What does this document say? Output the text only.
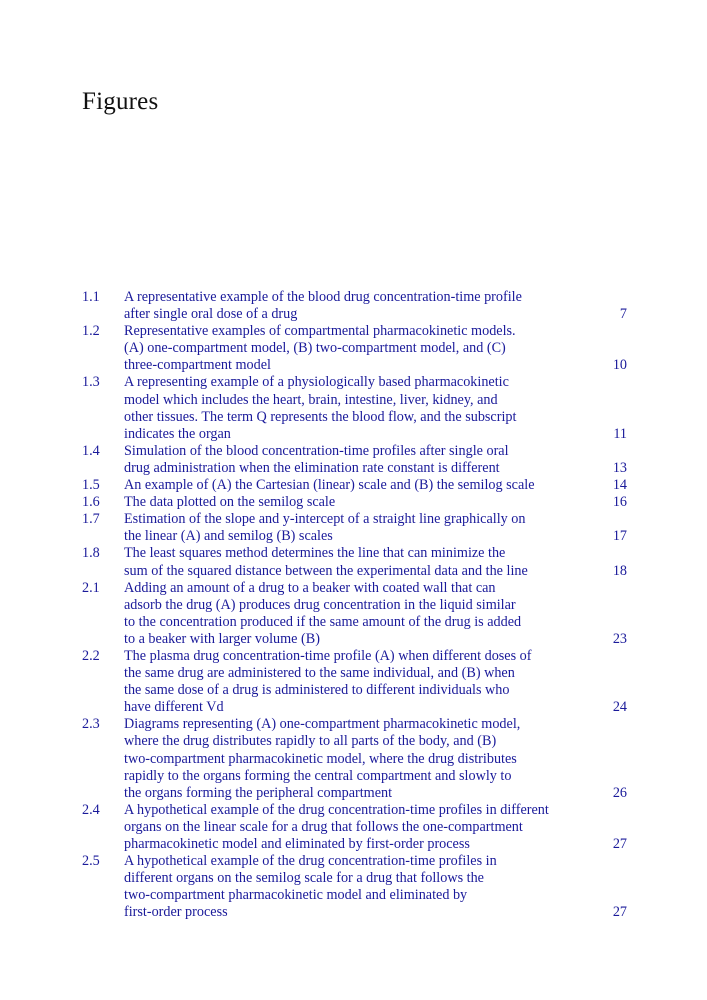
Figures
1.1	A representative example of the blood drug concentration-time profile
after single oral dose of a drug	7
1.2	Representative examples of compartmental pharmacokinetic models.
(A) one-compartment model, (B) two-compartment model, and (C)
three-compartment model	10
1.3	A representing example of a physiologically based pharmacokinetic
model which includes the heart, brain, intestine, liver, kidney, and
other tissues. The term Q represents the blood flow, and the subscript
indicates the organ	11
1.4	Simulation of the blood concentration-time profiles after single oral
drug administration when the elimination rate constant is different	13
1.5	An example of (A) the Cartesian (linear) scale and (B) the semilog scale	14
1.6	The data plotted on the semilog scale	16
1.7	Estimation of the slope and y-intercept of a straight line graphically on
the linear (A) and semilog (B) scales	17
1.8	The least squares method determines the line that can minimize the
sum of the squared distance between the experimental data and the line	18
2.1	Adding an amount of a drug to a beaker with coated wall that can
adsorb the drug (A) produces drug concentration in the liquid similar
to the concentration produced if the same amount of the drug is added
to a beaker with larger volume (B)	23
2.2	The plasma drug concentration-time profile (A) when different doses of
the same drug are administered to the same individual, and (B) when
the same dose of a drug is administered to different individuals who
have different Vd	24
2.3	Diagrams representing (A) one-compartment pharmacokinetic model,
where the drug distributes rapidly to all parts of the body, and (B)
two-compartment pharmacokinetic model, where the drug distributes
rapidly to the organs forming the central compartment and slowly to
the organs forming the peripheral compartment	26
2.4	A hypothetical example of the drug concentration-time profiles in different
organs on the linear scale for a drug that follows the one-compartment
pharmacokinetic model and eliminated by first-order process	27
2.5	A hypothetical example of the drug concentration-time profiles in
different organs on the semilog scale for a drug that follows the
two-compartment pharmacokinetic model and eliminated by
first-order process	27
